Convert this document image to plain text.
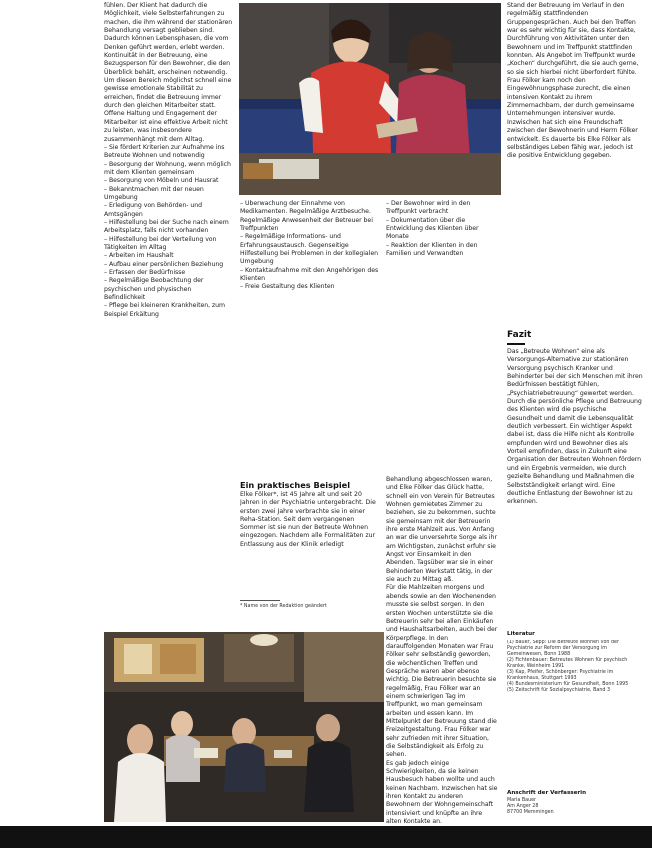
fühlen. Der Klient hat dadurch die Möglichkeit, viele Selbsterfahrungen zu machen, die ihm während der stationären Behandlung versagt geblieben sind. Dadurch können Lebensphasen, die vom Denken geführt werden, erlebt werden.
Kontinuität in der Betreuung, eine Bezugsperson für den Bewohner, die den Überblick behält, erscheinen notwendig. Um diesen Bereich möglichst schnell eine gewisse emotionale Stabilität zu erreichen, findet die Betreuung immer durch den gleichen Mitarbeiter statt. Offene Haltung und Engagement der Mitarbeiter ist eine effektive Arbeit nicht zu leisten, was insbesondere zusammenhängt mit dem Alltag.
– Sie fördert Kriterien zur Aufnahme ins Betreute Wohnen und notwendig
– Besorgung der Wohnung, wenn möglich mit dem Klienten gemeinsam
– Besorgung von Möbeln und Hausrat
– Bekanntmachen mit der neuen Umgebung
– Erledigung von Behörden- und Amtsgängen
– Hilfestellung bei der Suche nach einem Arbeitsplatz, falls nicht vorhanden
– Hilfestellung bei der Verteilung von Tätigkeiten im Alltag
– Arbeiten im Haushalt
– Aufbau einer persönlichen Beziehung
– Erfassen der Bedürfnisse
– Regelmäßige Beobachtung der psychischen und physischen Befindlichkeit
– Pflege bei kleineren Krankheiten, zum Beispiel Erkältung
– Überwachung der Einnahme von Medikamenten. Regelmäßige Arztbesuche. Regelmäßige Anwesenheit der Betreuer bei Treffpunkten
– Regelmäßige Informations- und Erfahrungsaustausch. Gegenseitige Hilfestellung bei Problemen in der kollegialen Umgebung
– Kontaktaufnahme mit den Angehörigen des Klienten
– Freie Gestaltung des Klienten
– Der Bewohner wird in den Treffpunkt verbracht
– Dokumentation über die Entwicklung des Klienten über Monate
– Reaktion der Klienten in den Familien und Verwandten
Ein praktisches Beispiel
Elke Fölker*, ist 45 Jahre alt und seit 20 Jahren in der Psychiatrie untergebracht. Die ersten zwei Jahre verbrachte sie in einer Reha-Station. Seit dem vergangenen Sommer ist sie nun der Betreute Wohnen eingezogen. Nachdem alle Formalitäten zur Entlassung aus der Klinik erledigt
* Name von der Redaktion geändert
Behandlung abgeschlossen waren, und Elke Fölker das Glück hatte, schnell ein von Verein für Betreutes Wohnen gemietetes Zimmer zu beziehen, sie zu bekommen, suchte sie gemeinsam mit der Betreuerin ihre erste Mahlzeit aus. Von Anfang an war die unversehrte Sorge als ihr am Wichtigsten, zunächst erfuhr sie Angst vor Einsamkeit in den Abenden. Tagsüber war sie in einer Behinderten Werkstatt tätig, in der sie auch zu Mittag aß.
Für die Mahlzeiten morgens und abends sowie an den Wochenenden musste sie selbst sorgen. In den ersten Wochen unterstützte sie die Betreuerin sehr bei allen Einkäufen und Haushaltsarbeiten, auch bei der Körperpflege. In den darauffolgenden Monaten war Frau Fölker sehr selbständig geworden, die wöchentlichen Treffen und Gespräche waren aber ebenso wichtig. Die Betreuerin besuchte sie regelmäßig, Frau Fölker war an einem schwierigen Tag im Treffpunkt, wo man gemeinsam arbeiten und essen kann. Im Mittelpunkt der Betreuung stand die Freizeitgestaltung. Frau Fölker war sehr zufrieden mit ihrer Situation, die Selbständigkeit als Erfolg zu sehen.
Es gab jedoch einige Schwierigkeiten, da sie keinen Hausbesuch haben wollte und auch keinen Nachbarn. Inzwischen hat sie ihren Kontakt zu anderen Bewohnern der Wohngemeinschaft intensiviert und knüpfte an ihre alten Kontakte an.
Stand der Betreuung im Verlauf in den regelmäßig stattfindenden Gruppengesprächen. Auch bei den Treffen war es sehr wichtig für sie, dass Kontakte, Durchführung von Aktivitäten unter den Bewohnern und im Treffpunkt stattfinden konnten. Als Angebot im Treffpunkt wurde „Kochen“ durchgeführt, die sie auch gerne, so sie sich hierbei nicht überfordert fühlte. Frau Fölker kam noch den Eingewöhnungsphase zurecht, die einen intensiven Kontakt zu ihrem Zimmernachbarn, der durch gemeinsame Unternehmungen intensiver wurde.
Inzwischen hat sich eine Freundschaft zwischen der Bewohnerin und Herrn Fölker entwickelt. Es dauerte bis Elke Fölker als selbständiges Leben fähig war, jedoch ist die positive Entwicklung gegeben.
Fazit
Das „Betreute Wohnen“ eine als Versorgungs-Alternative zur stationären Versorgung psychisch Kranker und Behinderter bei der sich Menschen mit ihren Bedürfnissen bestätigt fühlen, „Psychiatriebetreuung“ gewertet werden. Durch die persönliche Pflege und Betreuung des Klienten wird die psychische Gesundheit und damit die Lebensqualität deutlich verbessert. Ein wichtiger Aspekt dabei ist, dass die Hilfe nicht als Kontrolle empfunden wird und Bewohner dies als Vorteil empfinden, dass in Zukunft eine Organisation der Betreuten Wohnen fördern und ein Ergebnis vermeiden, wie durch gezielte Behandlung und Maßnahmen die Selbstständigkeit erlangt wird. Eine deutliche Entlastung der Bewohner ist zu erkennen.
Literatur
(1) Bauer, Sepp: Die Betreute Wohnen von der Psychiatrie zur Reform der Versorgung im Gemeinwesen, Bonn 1988
(2) Fichtenbauer: Betreutes Wohnen für psychisch Kranke, Weinheim 1991
(3) Kap, Pfeifer, Schönberger: Psychiatrie im Krankenhaus, Stuttgart 1993
(4) Bundesministerium für Gesundheit, Bonn 1995
(5) Zeitschrift für Sozialpsychiatrie, Band 3
Anschrift der Verfasserin
Maria Bauer
Am Anger 28
87700 Memmingen
